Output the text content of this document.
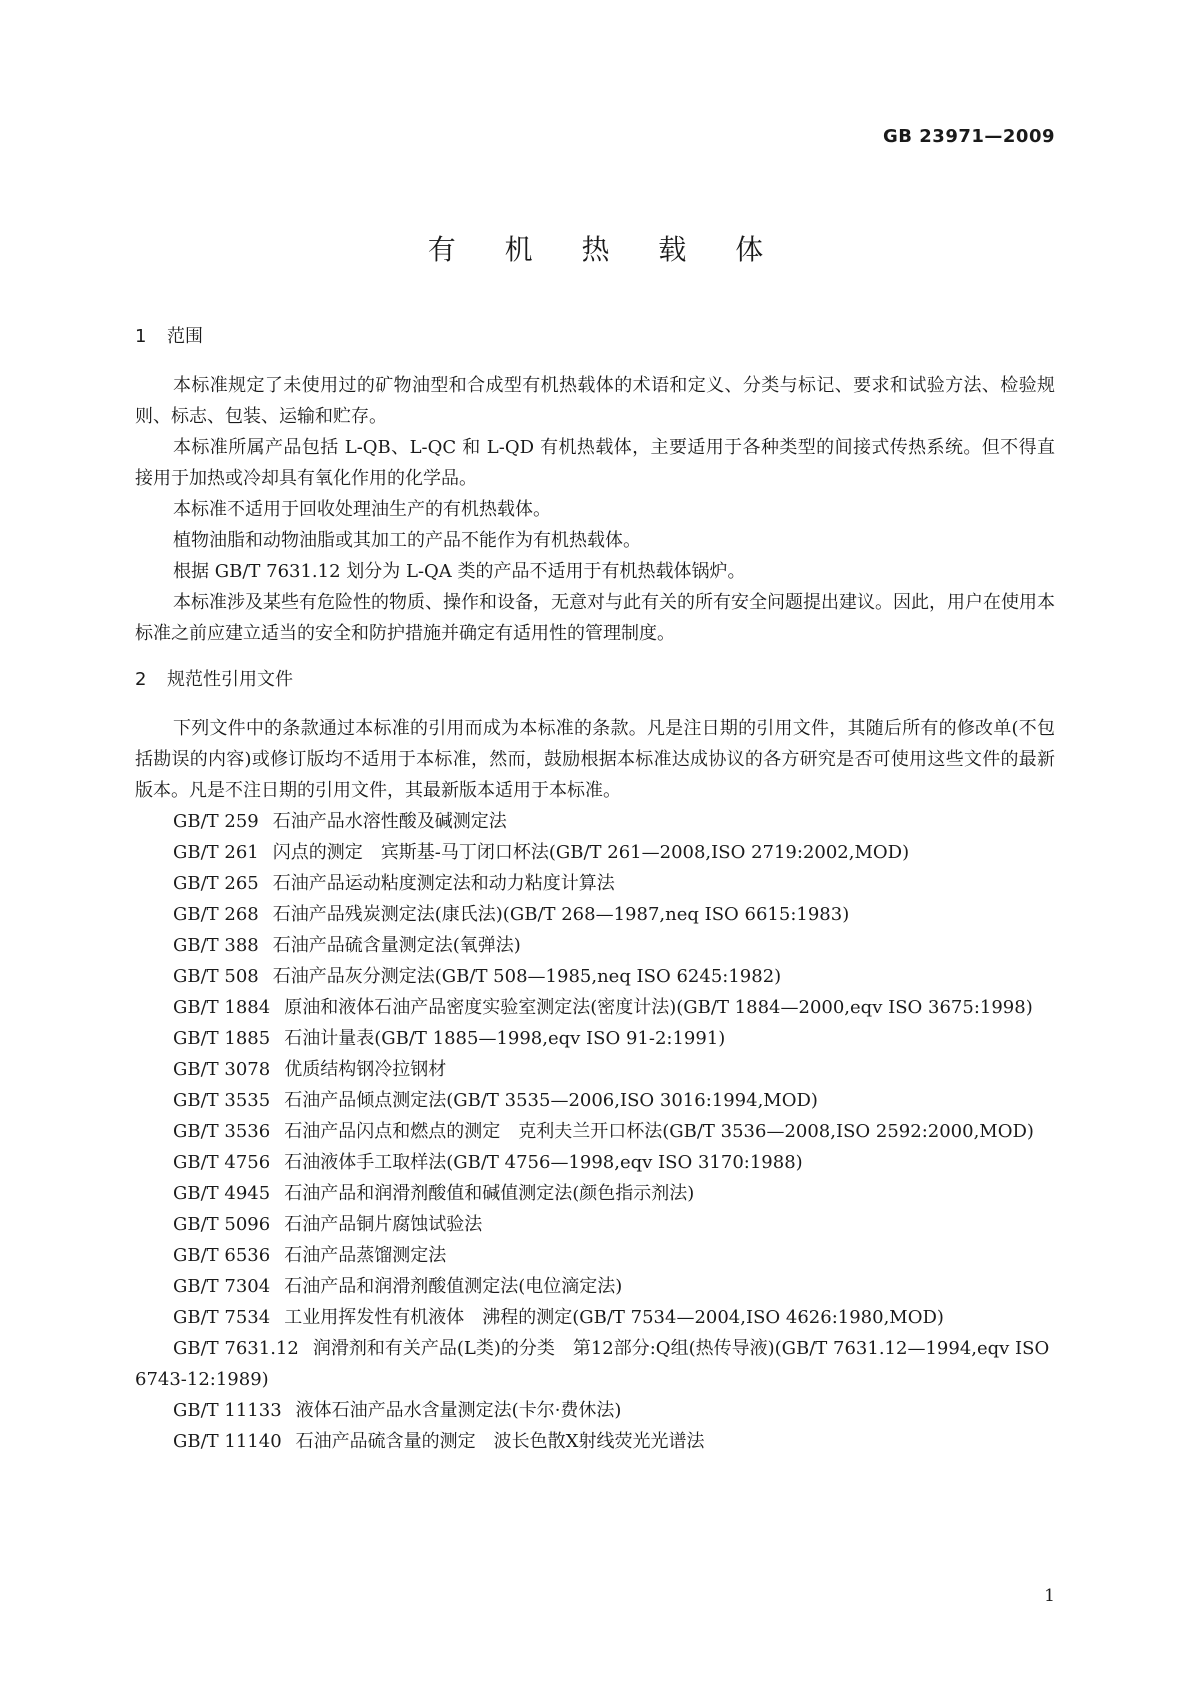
GB 23971—2009
有 机 热 载 体

1 范围

本标准规定了未使用过的矿物油型和合成型有机热载体的术语和定义、分类与标记、要求和试验方法、检验规则、标志、包装、运输和贮存。

本标准所属产品包括 L-QB、L-QC 和 L-QD 有机热载体，主要适用于各种类型的间接式传热系统。但不得直接用于加热或冷却具有氧化作用的化学品。

本标准不适用于回收处理油生产的有机热载体。

植物油脂和动物油脂或其加工的产品不能作为有机热载体。

根据 GB/T 7631.12 划分为 L-QA 类的产品不适用于有机热载体锅炉。

本标准涉及某些有危险性的物质、操作和设备，无意对与此有关的所有安全问题提出建议。因此，用户在使用本标准之前应建立适当的安全和防护措施并确定有适用性的管理制度。

2 规范性引用文件

下列文件中的条款通过本标准的引用而成为本标准的条款。凡是注日期的引用文件，其随后所有的修改单(不包括勘误的内容)或修订版均不适用于本标准，然而，鼓励根据本标准达成协议的各方研究是否可使用这些文件的最新版本。凡是不注日期的引用文件，其最新版本适用于本标准。

GB/T 259 石油产品水溶性酸及碱测定法

GB/T 261 闪点的测定　宾斯基-马丁闭口杯法(GB/T 261—2008,ISO 2719:2002,MOD)

GB/T 265 石油产品运动粘度测定法和动力粘度计算法

GB/T 268 石油产品残炭测定法(康氏法)(GB/T 268—1987,neq ISO 6615:1983)

GB/T 388 石油产品硫含量测定法(氧弹法)

GB/T 508 石油产品灰分测定法(GB/T 508—1985,neq ISO 6245:1982)

GB/T 1884 原油和液体石油产品密度实验室测定法(密度计法)(GB/T 1884—2000,eqv ISO 3675:1998)

GB/T 1885 石油计量表(GB/T 1885—1998,eqv ISO 91-2:1991)

GB/T 3078 优质结构钢冷拉钢材

GB/T 3535 石油产品倾点测定法(GB/T 3535—2006,ISO 3016:1994,MOD)

GB/T 3536 石油产品闪点和燃点的测定　克利夫兰开口杯法(GB/T 3536—2008,ISO 2592:2000,MOD)

GB/T 4756 石油液体手工取样法(GB/T 4756—1998,eqv ISO 3170:1988)

GB/T 4945 石油产品和润滑剂酸值和碱值测定法(颜色指示剂法)

GB/T 5096 石油产品铜片腐蚀试验法

GB/T 6536 石油产品蒸馏测定法

GB/T 7304 石油产品和润滑剂酸值测定法(电位滴定法)

GB/T 7534 工业用挥发性有机液体　沸程的测定(GB/T 7534—2004,ISO 4626:1980,MOD)

GB/T 7631.12 润滑剂和有关产品(L类)的分类　第12部分:Q组(热传导液)(GB/T 7631.12—1994,eqv ISO 6743-12:1989)

GB/T 11133 液体石油产品水含量测定法(卡尔·费休法)

GB/T 11140 石油产品硫含量的测定　波长色散X射线荧光光谱法

1
